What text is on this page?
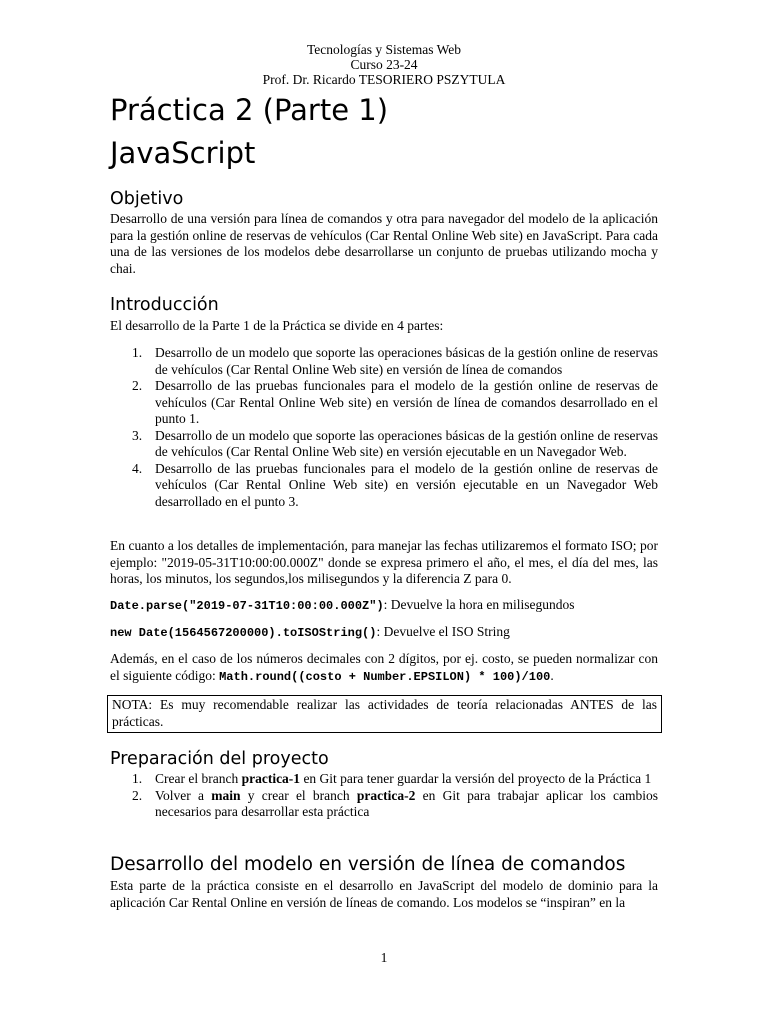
Tecnologías y Sistemas Web
Curso 23-24
Prof. Dr. Ricardo TESORIERO PSZYTULA
Práctica 2 (Parte 1)
JavaScript
Objetivo

Desarrollo de una versión para línea de comandos y otra para navegador del modelo de la aplicación para la gestión online de reservas de vehículos (Car Rental Online Web site) en JavaScript. Para cada una de las versiones de los modelos debe desarrollarse un conjunto de pruebas utilizando mocha y chai.

Introducción

El desarrollo de la Parte 1 de la Práctica se divide en 4 partes:

1. Desarrollo de un modelo que soporte las operaciones básicas de la gestión online de reservas de vehículos (Car Rental Online Web site) en versión de línea de comandos
2. Desarrollo de las pruebas funcionales para el modelo de la gestión online de reservas de vehículos (Car Rental Online Web site) en versión de línea de comandos desarrollado en el punto 1.
3. Desarrollo de un modelo que soporte las operaciones básicas de la gestión online de reservas de vehículos (Car Rental Online Web site) en versión ejecutable en un Navegador Web.
4. Desarrollo de las pruebas funcionales para el modelo de la gestión online de reservas de vehículos (Car Rental Online Web site) en versión ejecutable en un Navegador Web desarrollado en el punto 3.

En cuanto a los detalles de implementación, para manejar las fechas utilizaremos el formato ISO; por ejemplo: "2019-05-31T10:00:00.000Z" donde se expresa primero el año, el mes, el día del mes, las horas, los minutos, los segundos,los milisegundos y la diferencia Z para 0.

Date.parse("2019-07-31T10:00:00.000Z"): Devuelve la hora en milisegundos

new Date(1564567200000).toISOString(): Devuelve el ISO String

Además, en el caso de los números decimales con 2 dígitos, por ej. costo, se pueden normalizar con el siguiente código: Math.round((costo + Number.EPSILON) * 100)/100.

NOTA: Es muy recomendable realizar las actividades de teoría relacionadas ANTES de las prácticas.
Preparación del proyecto
1. Crear el branch practica-1 en Git para tener guardar la versión del proyecto de la Práctica 1
2. Volver a main y crear el branch practica-2 en Git para trabajar aplicar los cambios necesarios para desarrollar esta práctica
Desarrollo del modelo en versión de línea de comandos

Esta parte de la práctica consiste en el desarrollo en JavaScript del modelo de dominio para la aplicación Car Rental Online en versión de líneas de comando. Los modelos se “inspiran” en la

1
